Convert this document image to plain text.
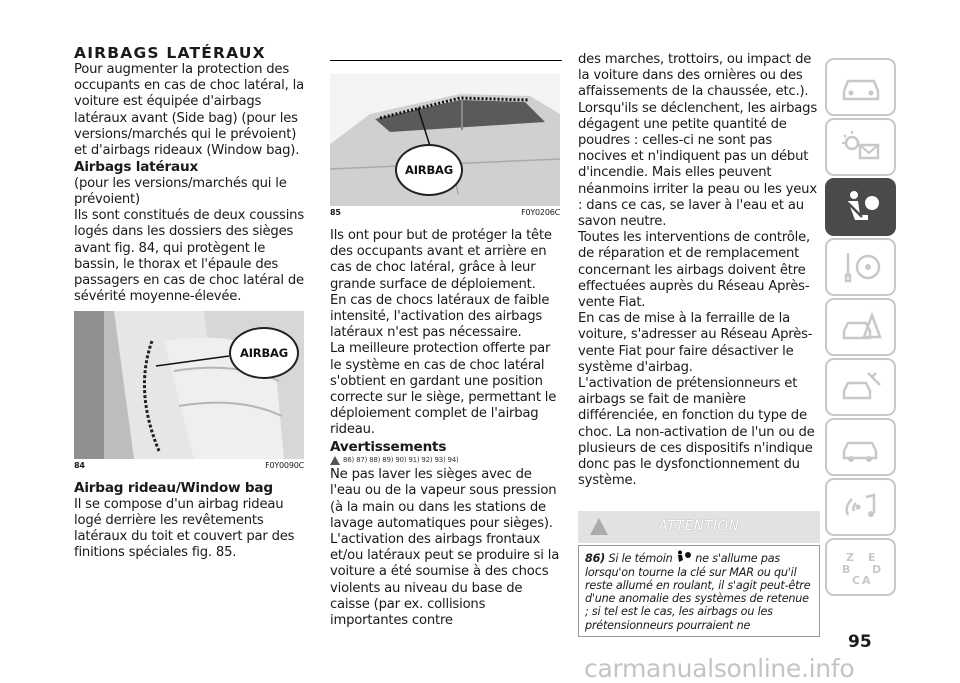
AIRBAGS LATÉRAUX

Pour augmenter la protection des occupants en cas de choc latéral, la voiture est équipée d'airbags latéraux avant (Side bag) (pour les versions/marchés qui le prévoient) et d'airbags rideaux (Window bag).

Airbags latéraux

(pour les versions/marchés qui le prévoient)

Ils sont constitués de deux coussins logés dans les dossiers des sièges avant fig. 84, qui protègent le bassin, le thorax et l'épaule des passagers en cas de choc latéral de sévérité moyenne-élevée.

AIRBAG
84	F0Y0090C

Airbag rideau/Window bag

Il se compose d'un airbag rideau logé derrière les revêtements latéraux du toit et couvert par des finitions spéciales fig. 85.

AIRBAG
85	F0Y0206C

Ils ont pour but de protéger la tête des occupants avant et arrière en cas de choc latéral, grâce à leur grande surface de déploiement.

En cas de chocs latéraux de faible intensité, l'activation des airbags latéraux n'est pas nécessaire.

La meilleure protection offerte par le système en cas de choc latéral s'obtient en gardant une position correcte sur le siège, permettant le déploiement complet de l'airbag rideau.

Avertissements

86) 87) 88) 89) 90) 91) 92) 93) 94)

Ne pas laver les sièges avec de l'eau ou de la vapeur sous pression (à la main ou dans les stations de lavage automatiques pour sièges).

L'activation des airbags frontaux et/ou latéraux peut se produire si la voiture a été soumise à des chocs violents au niveau du base de caisse (par ex. collisions importantes contre

des marches, trottoirs, ou impact de la voiture dans des ornières ou des affaissements de la chaussée, etc.).

Lorsqu'ils se déclenchent, les airbags dégagent une petite quantité de poudres : celles-ci ne sont pas nocives et n'indiquent pas un début d'incendie. Mais elles peuvent néanmoins irriter la peau ou les yeux : dans ce cas, se laver à l'eau et au savon neutre.

Toutes les interventions de contrôle, de réparation et de remplacement concernant les airbags doivent être effectuées auprès du Réseau Après-vente Fiat.

En cas de mise à la ferraille de la voiture, s'adresser au Réseau Après-vente Fiat pour faire désactiver le système d'airbag.

L'activation de prétensionneurs et airbags se fait de manière différenciée, en fonction du type de choc. La non-activation de l'un ou de plusieurs de ces dispositifs n'indique donc pas le dysfonctionnement du système.

ATTENTION
86) Si le témoin ne s'allume pas lorsqu'on tourne la clé sur MAR ou qu'il reste allumé en roulant, il s'agit peut-être d'une anomalie des systèmes de retenue ; si tel est le cas, les airbags ou les prétensionneurs pourraient ne
Z E
B D
C A
95
carmanualsonline.info
